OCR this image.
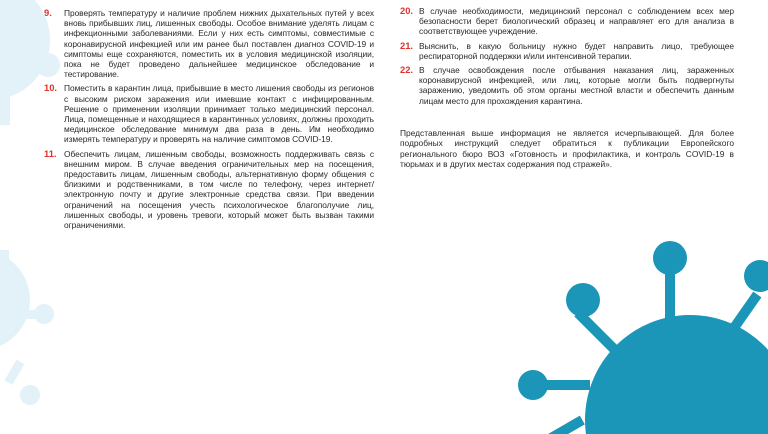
9. Проверять температуру и наличие проблем нижних дыхательных путей у всех вновь прибывших лиц, лишенных свободы. Особое внимание уделять лицам с инфекционными заболеваниями. Если у них есть симптомы, совместимые с коронавирусной инфекцией или им ранее был поставлен диагноз COVID-19 и симптомы еще сохраняются, поместить их в условия медицинской изоляции, пока не будет проведено дальнейшее медицинское обследование и тестирование.
10. Поместить в карантин лица, прибывшие в место лишения свободы из регионов с высоким риском заражения или имевшие контакт с инфицированным. Решение о применении изоляции принимает только медицинский персонал. Лица, помещенные и находящиеся в карантинных условиях, должны проходить медицинское обследование минимум два раза в день. Им необходимо измерять температуру и проверять на наличие симптомов COVID-19.
11. Обеспечить лицам, лишенным свободы, возможность поддерживать связь с внешним миром. В случае введения ограничительных мер на посещения, предоставить лицам, лишенным свободы, альтернативную форму общения с близкими и родственниками, в том числе по телефону, через интернет/электронную почту и другие электронные средства связи. При введении ограничений на посещения учесть психологическое благополучие лиц, лишенных свободы, и уровень тревоги, который может быть вызван такими ограничениями.
20. В случае необходимости, медицинский персонал с соблюдением всех мер безопасности берет биологический образец и направляет его для анализа в соответствующее учреждение.
21. Выяснить, в какую больницу нужно будет направить лицо, требующее респираторной поддержки и/или интенсивной терапии.
22. В случае освобождения после отбывания наказания лиц, зараженных коронавирусной инфекцией, или лиц, которые могли быть подвергнуты заражению, уведомить об этом органы местной власти и обеспечить данным лицам место для прохождения карантина.
Представленная выше информация не является исчерпывающей. Для более подробных инструкций следует обратиться к публикации Европейского регионального бюро ВОЗ «Готовность и профилактика, и контроль COVID-19 в тюрьмах и в других местах содержания под стражей».
